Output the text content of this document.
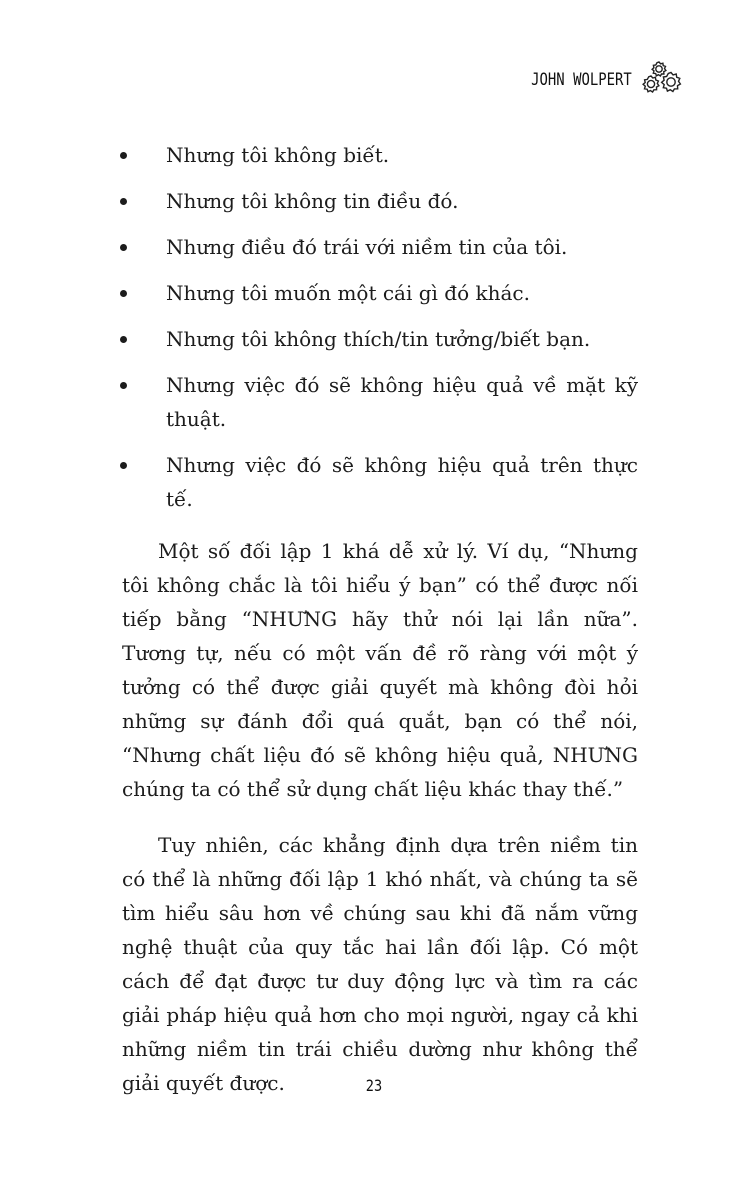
JOHN WOLPERT
Nhưng tôi không biết.
Nhưng tôi không tin điều đó.
Nhưng điều đó trái với niềm tin của tôi.
Nhưng tôi muốn một cái gì đó khác.
Nhưng tôi không thích/tin tưởng/biết bạn.
Nhưng việc đó sẽ không hiệu quả về mặt kỹ thuật.
Nhưng việc đó sẽ không hiệu quả trên thực tế.

Một số đối lập 1 khá dễ xử lý. Ví dụ, “Nhưng tôi không chắc là tôi hiểu ý bạn” có thể được nối tiếp bằng “NHƯNG hãy thử nói lại lần nữa”. Tương tự, nếu có một vấn đề rõ ràng với một ý tưởng có thể được giải quyết mà không đòi hỏi những sự đánh đổi quá quắt, bạn có thể nói, “Nhưng chất liệu đó sẽ không hiệu quả, NHƯNG chúng ta có thể sử dụng chất liệu khác thay thế.”

Tuy nhiên, các khẳng định dựa trên niềm tin có thể là những đối lập 1 khó nhất, và chúng ta sẽ tìm hiểu sâu hơn về chúng sau khi đã nắm vững nghệ thuật của quy tắc hai lần đối lập. Có một cách để đạt được tư duy động lực và tìm ra các giải pháp hiệu quả hơn cho mọi người, ngay cả khi những niềm tin trái chiều dường như không thể giải quyết được.	23
